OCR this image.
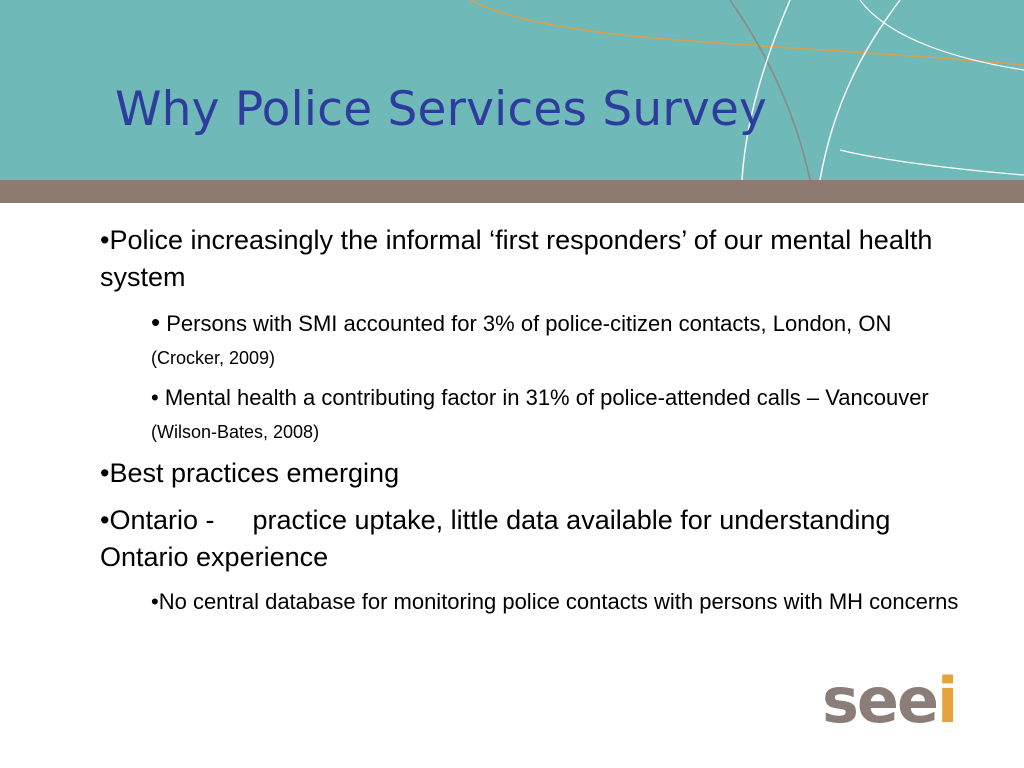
Why Police Services Survey
•Police increasingly the informal ‘first responders’ of our mental health system
• Persons with SMI accounted for 3% of police-citizen contacts, London, ON (Crocker, 2009)
• Mental health a contributing factor in 31% of police-attended calls – Vancouver (Wilson-Bates, 2008)
•Best practices emerging
•Ontario - practice uptake, little data available for understanding Ontario experience
•No central database for monitoring police contacts with persons with MH concerns
seei
